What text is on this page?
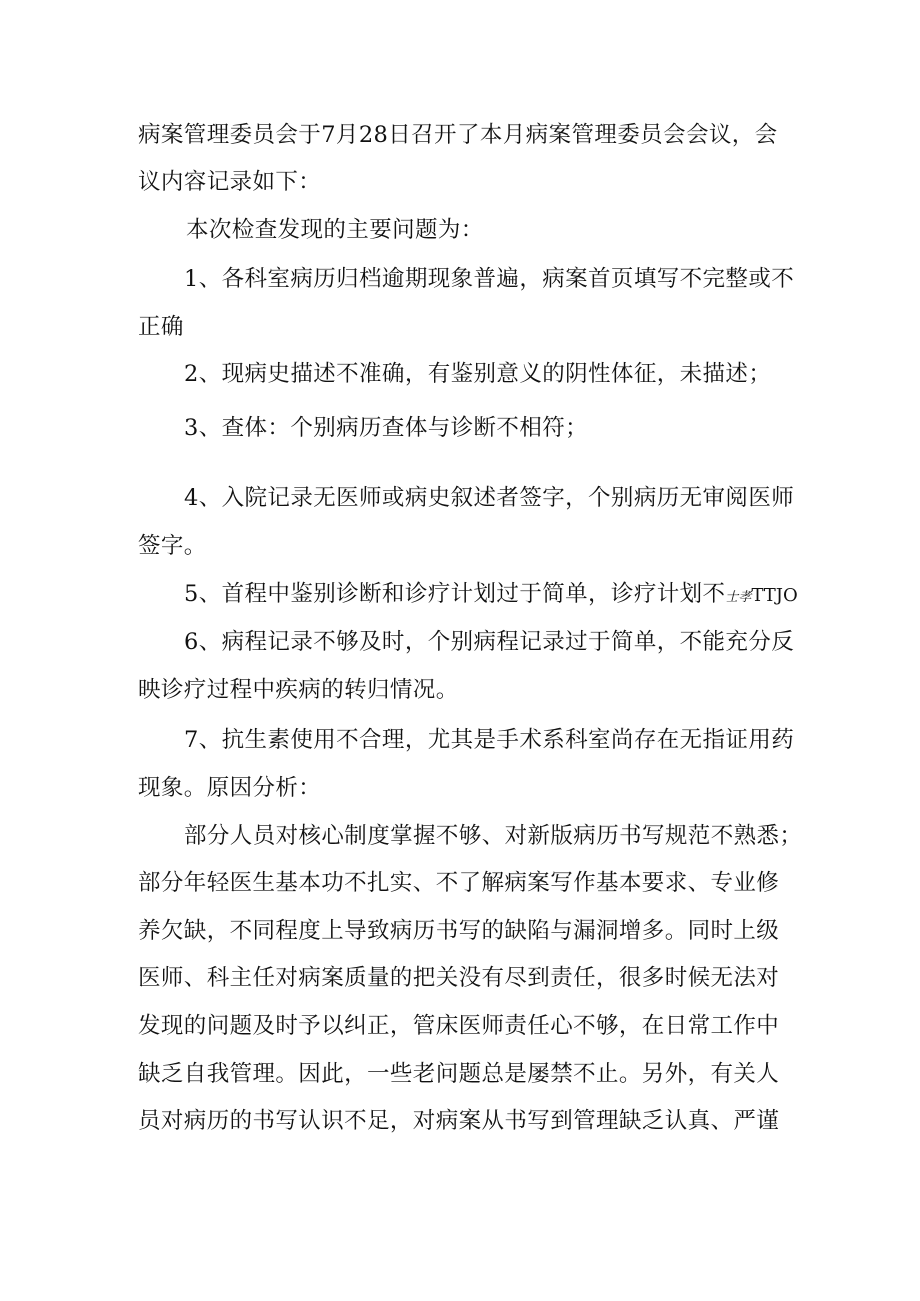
病案管理委员会于7月28日召开了本月病案管理委员会会议，会
议内容记录如下：
本次检查发现的主要问题为：
1、各科室病历归档逾期现象普遍，病案首页填写不完整或不
正确
2、现病史描述不准确，有鉴别意义的阴性体征，未描述；
3、查体：个别病历查体与诊断不相符；
4、入院记录无医师或病史叙述者签字，个别病历无审阅医师
签字。
5、首程中鉴别诊断和诊疗计划过于简单，诊疗计划不士孝TTJO
6、病程记录不够及时，个别病程记录过于简单，不能充分反
映诊疗过程中疾病的转归情况。
7、抗生素使用不合理，尤其是手术系科室尚存在无指证用药
现象。原因分析：
部分人员对核心制度掌握不够、对新版病历书写规范不熟悉；
部分年轻医生基本功不扎实、不了解病案写作基本要求、专业修
养欠缺，不同程度上导致病历书写的缺陷与漏洞增多。同时上级
医师、科主任对病案质量的把关没有尽到责任，很多时候无法对
发现的问题及时予以纠正，管床医师责任心不够，在日常工作中
缺乏自我管理。因此，一些老问题总是屡禁不止。另外，有关人
员对病历的书写认识不足，对病案从书写到管理缺乏认真、严谨
